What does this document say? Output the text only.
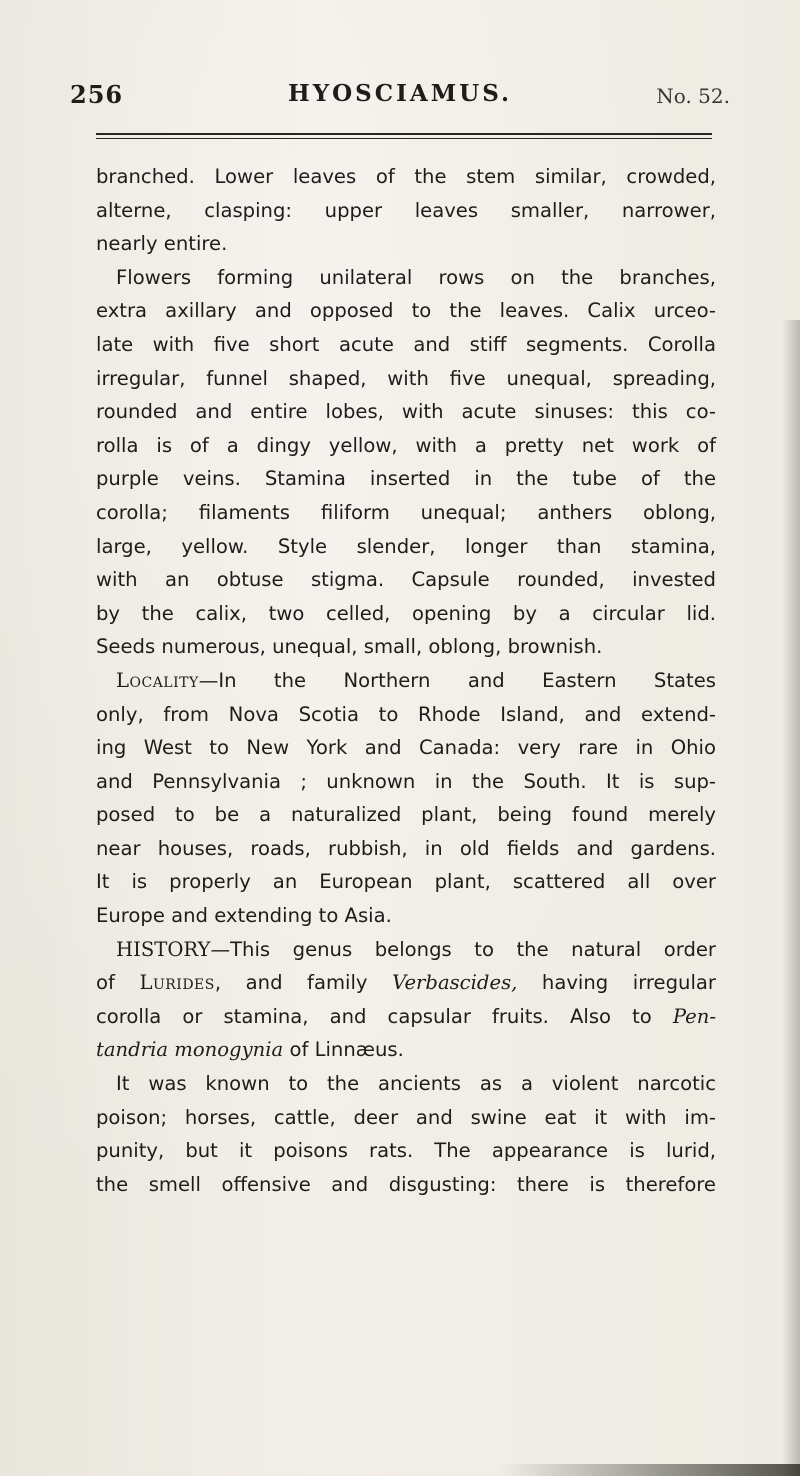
256	HYOSCIAMUS.	No. 52.
branched. Lower leaves of the stem similar, crowded,
alterne, clasping: upper leaves smaller, narrower,
nearly entire.
Flowers forming unilateral rows on the branches,
extra axillary and opposed to the leaves. Calix urceo-
late with five short acute and stiff segments. Corolla
irregular, funnel shaped, with five unequal, spreading,
rounded and entire lobes, with acute sinuses: this co-
rolla is of a dingy yellow, with a pretty net work of
purple veins. Stamina inserted in the tube of the
corolla; filaments filiform unequal; anthers oblong,
large, yellow. Style slender, longer than stamina,
with an obtuse stigma. Capsule rounded, invested
by the calix, two celled, opening by a circular lid.
Seeds numerous, unequal, small, oblong, brownish.
Locality—In the Northern and Eastern States
only, from Nova Scotia to Rhode Island, and extend-
ing West to New York and Canada: very rare in Ohio
and Pennsylvania ; unknown in the South. It is sup-
posed to be a naturalized plant, being found merely
near houses, roads, rubbish, in old fields and gardens.
It is properly an European plant, scattered all over
Europe and extending to Asia.
HISTORY—This genus belongs to the natural order
of Lurides, and family Verbascides, having irregular
corolla or stamina, and capsular fruits. Also to Pen-
tandria monogynia of Linnæus.
It was known to the ancients as a violent narcotic
poison; horses, cattle, deer and swine eat it with im-
punity, but it poisons rats. The appearance is lurid,
the smell offensive and disgusting: there is therefore
